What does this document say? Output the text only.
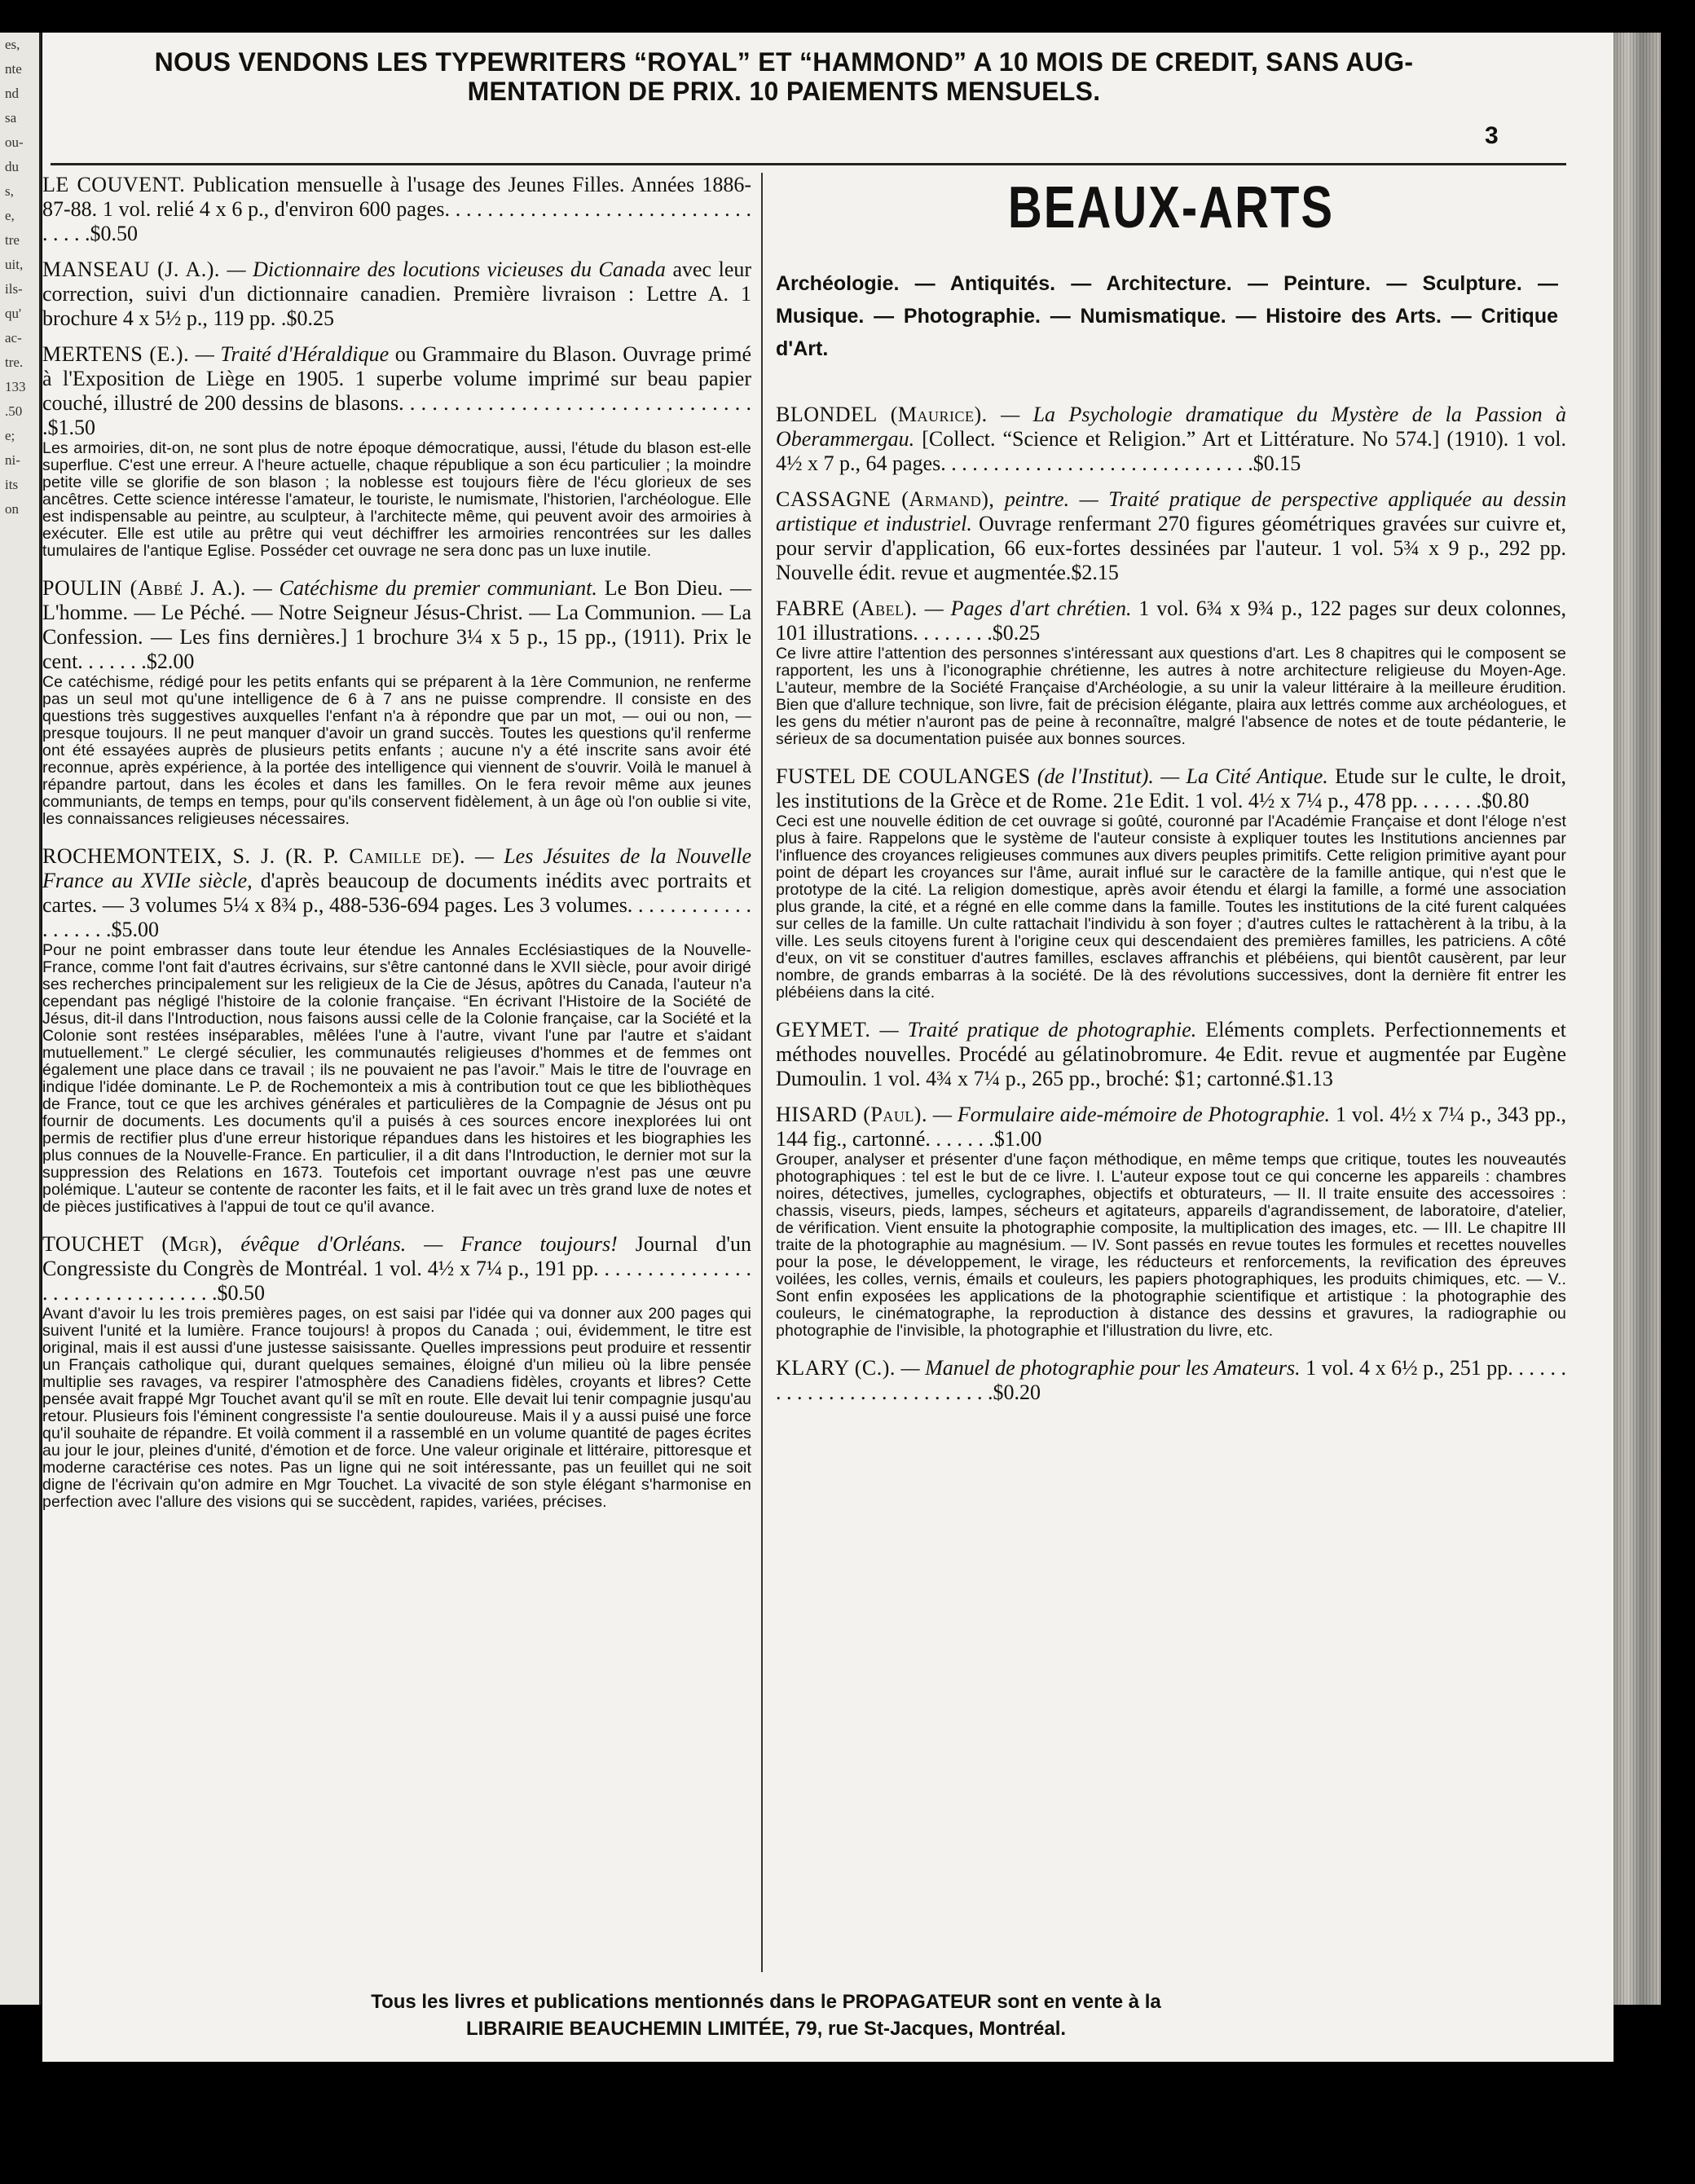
es,
nte
nd
sa
ou-
du
s,
e,
tre
uit,
ils-
qu'
ac-
tre.
133
.50
e;
ni-
its
on
NOUS VENDONS LES TYPEWRITERS “ROYAL” ET “HAMMOND” A 10 MOIS DE CREDIT, SANS AUG-
MENTATION DE PRIX. 10 PAIEMENTS MENSUELS.
3

LE COUVENT. Publication mensuelle à l'usage des Jeunes Filles. Années 1886-87-88. 1 vol. relié 4 x 6 p., d'environ 600 pages. . . . . . . . . . . . . . . . . . . . . . . . . . . . . . . . . .$0.50

MANSEAU (J. A.). — Dictionnaire des locutions vicieuses du Canada avec leur correction, suivi d'un dictionnaire canadien. Première livraison : Lettre A. 1 brochure 4 x 5½ p., 119 pp. .$0.25

MERTENS (E.). — Traité d'Héraldique ou Grammaire du Blason. Ouvrage primé à l'Exposition de Liège en 1905. 1 superbe volume imprimé sur beau papier couché, illustré de 200 dessins de blasons. . . . . . . . . . . . . . . . . . . . . . . . . . . . . . . . .$1.50

Les armoiries, dit-on, ne sont plus de notre époque démocratique, aussi, l'étude du blason est-elle superflue. C'est une erreur. A l'heure actuelle, chaque république a son écu particulier ; la moindre petite ville se glorifie de son blason ; la noblesse est toujours fière de l'écu glorieux de ses ancêtres. Cette science intéresse l'amateur, le touriste, le numismate, l'historien, l'archéologue. Elle est indispensable au peintre, au sculpteur, à l'architecte même, qui peuvent avoir des armoiries à exécuter. Elle est utile au prêtre qui veut déchiffrer les armoiries rencontrées sur les dalles tumulaires de l'antique Eglise. Posséder cet ouvrage ne sera donc pas un luxe inutile.

POULIN (Abbé J. A.). — Catéchisme du premier communiant. Le Bon Dieu. — L'homme. — Le Péché. — Notre Seigneur Jésus-Christ. — La Communion. — La Confession. — Les fins dernières.] 1 brochure 3¼ x 5 p., 15 pp., (1911). Prix le cent. . . . . . .$2.00

Ce catéchisme, rédigé pour les petits enfants qui se préparent à la 1ère Communion, ne renferme pas un seul mot qu'une intelligence de 6 à 7 ans ne puisse comprendre. Il consiste en des questions très suggestives auxquelles l'enfant n'a à répondre que par un mot, — oui ou non, — presque toujours. Il ne peut manquer d'avoir un grand succès. Toutes les questions qu'il renferme ont été essayées auprès de plusieurs petits enfants ; aucune n'y a été inscrite sans avoir été reconnue, après expérience, à la portée des intelligence qui viennent de s'ouvrir. Voilà le manuel à répandre partout, dans les écoles et dans les familles. On le fera revoir même aux jeunes communiants, de temps en temps, pour qu'ils conservent fidèlement, à un âge où l'on oublie si vite, les connaissances religieuses nécessaires.

ROCHEMONTEIX, S. J. (R. P. Camille de). — Les Jésuites de la Nouvelle France au XVIIe siècle, d'après beaucoup de documents inédits avec portraits et cartes. — 3 volumes 5¼ x 8¾ p., 488-536-694 pages. Les 3 volumes. . . . . . . . . . . . . . . . . . .$5.00

Pour ne point embrasser dans toute leur étendue les Annales Ecclésiastiques de la Nouvelle-France, comme l'ont fait d'autres écrivains, sur s'être cantonné dans le XVII siècle, pour avoir dirigé ses recherches principalement sur les religieux de la Cie de Jésus, apôtres du Canada, l'auteur n'a cependant pas négligé l'histoire de la colonie française. “En écrivant l'Histoire de la Société de Jésus, dit-il dans l'Introduction, nous faisons aussi celle de la Colonie française, car la Société et la Colonie sont restées inséparables, mêlées l'une à l'autre, vivant l'une par l'autre et s'aidant mutuellement.” Le clergé séculier, les communautés religieuses d'hommes et de femmes ont également une place dans ce travail ; ils ne pouvaient ne pas l'avoir.” Mais le titre de l'ouvrage en indique l'idée dominante. Le P. de Rochemonteix a mis à contribution tout ce que les bibliothèques de France, tout ce que les archives générales et particulières de la Compagnie de Jésus ont pu fournir de documents. Les documents qu'il a puisés à ces sources encore inexplorées lui ont permis de rectifier plus d'une erreur historique répandues dans les histoires et les biographies les plus connues de la Nouvelle-France. En particulier, il a dit dans l'Introduction, le dernier mot sur la suppression des Relations en 1673. Toutefois cet important ouvrage n'est pas une œuvre polémique. L'auteur se contente de raconter les faits, et il le fait avec un très grand luxe de notes et de pièces justificatives à l'appui de tout ce qu'il avance.

TOUCHET (Mgr), évêque d'Orléans. — France toujours! Journal d'un Congressiste du Congrès de Montréal. 1 vol. 4½ x 7¼ p., 191 pp. . . . . . . . . . . . . . . . . . . . . . . . . . . . . . . .$0.50

Avant d'avoir lu les trois premières pages, on est saisi par l'idée qui va donner aux 200 pages qui suivent l'unité et la lumière. France toujours! à propos du Canada ; oui, évidemment, le titre est original, mais il est aussi d'une justesse saisissante. Quelles impressions peut produire et ressentir un Français catholique qui, durant quelques semaines, éloigné d'un milieu où la libre pensée multiplie ses ravages, va respirer l'atmosphère des Canadiens fidèles, croyants et libres? Cette pensée avait frappé Mgr Touchet avant qu'il se mît en route. Elle devait lui tenir compagnie jusqu'au retour. Plusieurs fois l'éminent congressiste l'a sentie douloureuse. Mais il y a aussi puisé une force qu'il souhaite de répandre. Et voilà comment il a rassemblé en un volume quantité de pages écrites au jour le jour, pleines d'unité, d'émotion et de force. Une valeur originale et littéraire, pittoresque et moderne caractérise ces notes. Pas un ligne qui ne soit intéressante, pas un feuillet qui ne soit digne de l'écrivain qu'on admire en Mgr Touchet. La vivacité de son style élégant s'harmonise en perfection avec l'allure des visions qui se succèdent, rapides, variées, précises.
BEAUX-ARTS
Archéologie. — Antiquités. — Architecture. — Peinture. — Sculpture. — Musique. — Photographie. — Numismatique. — Histoire des Arts. — Critique d'Art.

BLONDEL (Maurice). — La Psychologie dramatique du Mystère de la Passion à Oberammergau. [Collect. “Science et Religion.” Art et Littérature. No 574.] (1910). 1 vol. 4½ x 7 p., 64 pages. . . . . . . . . . . . . . . . . . . . . . . . . . . . . .$0.15

CASSAGNE (Armand), peintre. — Traité pratique de perspective appliquée au dessin artistique et industriel. Ouvrage renfermant 270 figures géométriques gravées sur cuivre et, pour servir d'application, 66 eux-fortes dessinées par l'auteur. 1 vol. 5¾ x 9 p., 292 pp. Nouvelle édit. revue et augmentée.$2.15

FABRE (Abel). — Pages d'art chrétien. 1 vol. 6¾ x 9¾ p., 122 pages sur deux colonnes, 101 illustrations. . . . . . . .$0.25

Ce livre attire l'attention des personnes s'intéressant aux questions d'art. Les 8 chapitres qui le composent se rapportent, les uns à l'iconographie chrétienne, les autres à notre architecture religieuse du Moyen-Age. L'auteur, membre de la Société Française d'Archéologie, a su unir la valeur littéraire à la meilleure érudition. Bien que d'allure technique, son livre, fait de précision élégante, plaira aux lettrés comme aux archéologues, et les gens du métier n'auront pas de peine à reconnaître, malgré l'absence de notes et de toute pédanterie, le sérieux de sa documentation puisée aux bonnes sources.

FUSTEL DE COULANGES (de l'Institut). — La Cité Antique. Etude sur le culte, le droit, les institutions de la Grèce et de Rome. 21e Edit. 1 vol. 4½ x 7¼ p., 478 pp. . . . . . .$0.80

Ceci est une nouvelle édition de cet ouvrage si goûté, couronné par l'Académie Française et dont l'éloge n'est plus à faire. Rappelons que le système de l'auteur consiste à expliquer toutes les Institutions anciennes par l'influence des croyances religieuses communes aux divers peuples primitifs. Cette religion primitive ayant pour point de départ les croyances sur l'âme, aurait influé sur le caractère de la famille antique, qui n'est que le prototype de la cité. La religion domestique, après avoir étendu et élargi la famille, a formé une association plus grande, la cité, et a régné en elle comme dans la famille. Toutes les institutions de la cité furent calquées sur celles de la famille. Un culte rattachait l'individu à son foyer ; d'autres cultes le rattachèrent à la tribu, à la ville. Les seuls citoyens furent à l'origine ceux qui descendaient des premières familles, les patriciens. A côté d'eux, on vit se constituer d'autres familles, esclaves affranchis et plébéiens, qui bientôt causèrent, par leur nombre, de grands embarras à la société. De là des révolutions successives, dont la dernière fit entrer les plébéiens dans la cité.

GEYMET. — Traité pratique de photographie. Eléments complets. Perfectionnements et méthodes nouvelles. Procédé au gélatinobromure. 4e Edit. revue et augmentée par Eugène Dumoulin. 1 vol. 4¾ x 7¼ p., 265 pp., broché: $1; cartonné.$1.13

HISARD (Paul). — Formulaire aide-mémoire de Photographie. 1 vol. 4½ x 7¼ p., 343 pp., 144 fig., cartonné. . . . . . .$1.00

Grouper, analyser et présenter d'une façon méthodique, en même temps que critique, toutes les nouveautés photographiques : tel est le but de ce livre. I. L'auteur expose tout ce qui concerne les appareils : chambres noires, détectives, jumelles, cyclographes, objectifs et obturateurs, — II. Il traite ensuite des accessoires : chassis, viseurs, pieds, lampes, sécheurs et agitateurs, appareils d'agrandissement, de laboratoire, d'atelier, de vérification. Vient ensuite la photographie composite, la multiplication des images, etc. — III. Le chapitre III traite de la photographie au magnésium. — IV. Sont passés en revue toutes les formules et recettes nouvelles pour la pose, le développement, le virage, les réducteurs et renforcements, la revification des épreuves voilées, les colles, vernis, émails et couleurs, les papiers photographiques, les produits chimiques, etc. — V.. Sont enfin exposées les applications de la photographie scientifique et artistique : la photographie des couleurs, le cinématographe, la reproduction à distance des dessins et gravures, la radiographie ou photographie de l'invisible, la photographie et l'illustration du livre, etc.

KLARY (C.). — Manuel de photographie pour les Amateurs. 1 vol. 4 x 6½ p., 251 pp. . . . . . . . . . . . . . . . . . . . . . . . . . .$0.20

Tous les livres et publications mentionnés dans le PROPAGATEUR sont en vente à la
LIBRAIRIE BEAUCHEMIN LIMITÉE, 79, rue St-Jacques, Montréal.
